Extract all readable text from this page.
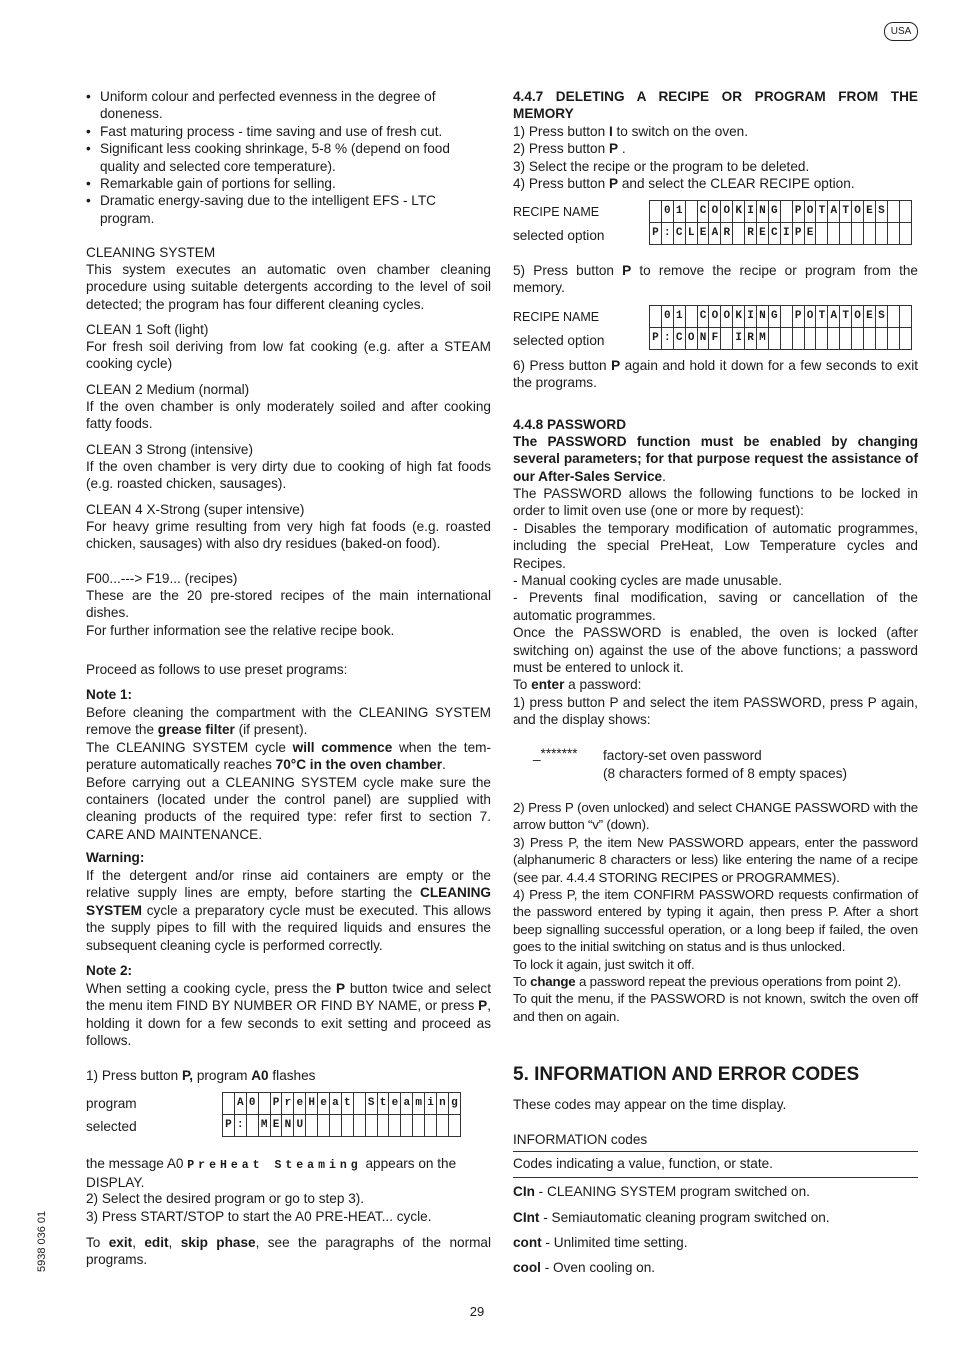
USA
5938 036 01
29
• Uniform colour and perfected evenness in the degree of doneness.
• Fast maturing process - time saving and use of fresh cut.
• Significant less cooking shrinkage, 5-8 % (depend on food quality and selected core temperature).
• Remarkable gain of portions for selling.
• Dramatic energy-saving due to the intelligent EFS - LTC program.
CLEANING SYSTEM
This system executes an automatic oven chamber cleaning procedure using suitable detergents according to the level of soil detected; the program has four different cleaning cycles.
CLEAN 1 Soft (light)
For fresh soil deriving from low fat cooking (e.g. after a STEAM cooking cycle)
CLEAN 2 Medium (normal)
If the oven chamber is only moderately soiled and after cooking fatty foods.
CLEAN 3 Strong (intensive)
If the oven chamber is very dirty due to cooking of high fat foods (e.g. roasted chicken, sausages).
CLEAN 4 X-Strong (super intensive)
For heavy grime resulting from very high fat foods (e.g. roasted chicken, sausages) with also dry residues (baked-on food).
F00...---> F19... (recipes)
These are the 20 pre-stored recipes of the main international dishes.
For further information see the relative recipe book.
Proceed as follows to use preset programs:
Note 1:
Before cleaning the compartment with the CLEANING SYSTEM remove the grease filter (if present).
The CLEANING SYSTEM cycle will commence when the tem-perature automatically reaches 70°C in the oven chamber.
Before carrying out a CLEANING SYSTEM cycle make sure the containers (located under the control panel) are supplied with cleaning products of the required type: refer first to section 7. CARE AND MAINTENANCE.
Warning:
If the detergent and/or rinse aid containers are empty or the relative supply lines are empty, before starting the CLEANING SYSTEM cycle a preparatory cycle must be executed. This allows the supply pipes to fill with the required liquids and ensures the subsequent cleaning cycle is performed correctly.
Note 2:
When setting a cooking cycle, press the P button twice and select the menu item FIND BY NUMBER OR FIND BY NAME, or press P, holding it down for a few seconds to exit setting and proceed as follows.
1) Press button P, program A0 flashes
program
selected
	A	0		P	r	e	H	e	a	t		S	t	e	a	m	i	n	g
P	:		M	E	N	U													
the message A0 PreHeat Steaming appears on the DISPLAY.
2) Select the desired program or go to step 3).
3) Press START/STOP to start the A0 PRE-HEAT... cycle.
To exit, edit, skip phase, see the paragraphs of the normal programs.
4.4.7 DELETING A RECIPE OR PROGRAM FROM THE MEMORY
1) Press button I to switch on the oven.
2) Press button P .
3) Select the recipe or the program to be deleted.
4) Press button P and select the CLEAR RECIPE option.
RECIPE NAME
selected option
	0	1		C	O	O	K	I	N	G		P	O	T	A	T	O	E	S		
P	:	C	L	E	A	R		R	E	C	I	P	E								
5) Press button P to remove the recipe or program from the memory.
RECIPE NAME
selected option
	0	1		C	O	O	K	I	N	G		P	O	T	A	T	O	E	S		
P	:	C	O	N	F		I	R	M												
6) Press button P again and hold it down for a few seconds to exit the programs.
4.4.8 PASSWORD
The PASSWORD function must be enabled by changing several parameters; for that purpose request the assistance of our After-Sales Service.
The PASSWORD allows the following functions to be locked in order to limit oven use (one or more by request):
- Disables the temporary modification of automatic programmes, including the special PreHeat, Low Temperature cycles and Recipes.
- Manual cooking cycles are made unusable.
- Prevents final modification, saving or cancellation of the automatic programmes.
Once the PASSWORD is enabled, the oven is locked (after switching on) against the use of the above functions; a password must be entered to unlock it.
To enter a password:
1) press button P and select the item PASSWORD, press P again, and the display shows:
_******* factory-set oven password
(8 characters formed of 8 empty spaces)
2) Press P (oven unlocked) and select CHANGE PASSWORD with the arrow button “v” (down).
3) Press P, the item New PASSWORD appears, enter the password (alphanumeric 8 characters or less) like entering the name of a recipe (see par. 4.4.4 STORING RECIPES or PROGRAMMES).
4) Press P, the item CONFIRM PASSWORD requests confirmation of the password entered by typing it again, then press P. After a short beep signalling successful operation, or a long beep if failed, the oven goes to the initial switching on status and is thus unlocked.
To lock it again, just switch it off.
To change a password repeat the previous operations from point 2).
To quit the menu, if the PASSWORD is not known, switch the oven off and then on again.
5. INFORMATION AND ERROR CODES
These codes may appear on the time display.
INFORMATION codes
Codes indicating a value, function, or state.
CIn - CLEANING SYSTEM program switched on.
CInt - Semiautomatic cleaning program switched on.
cont - Unlimited time setting.
cool - Oven cooling on.
